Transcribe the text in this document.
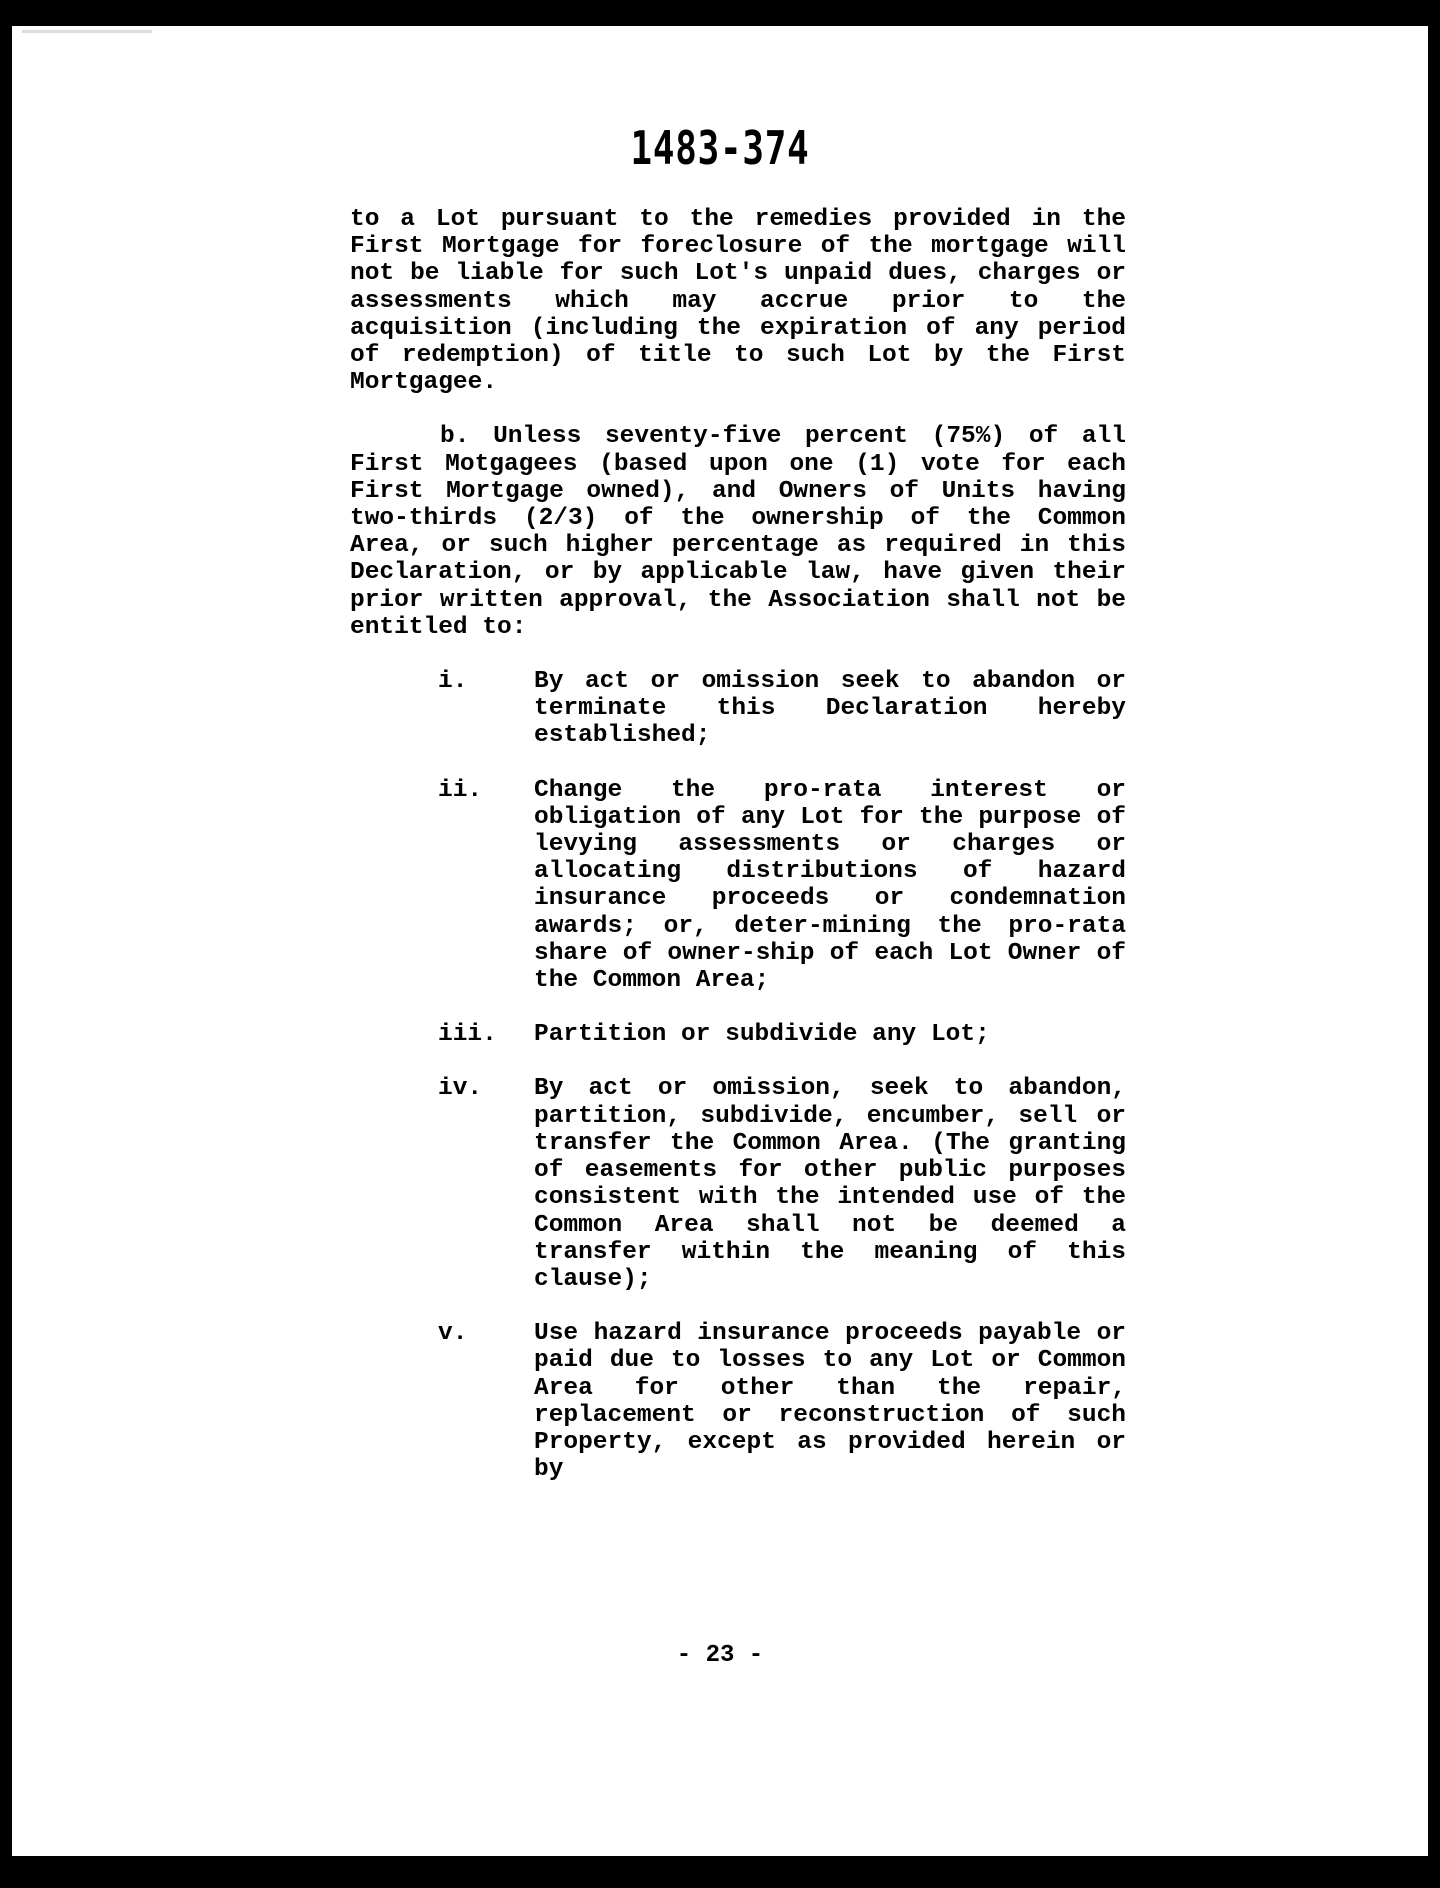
1483-374

to a Lot pursuant to the remedies provided in the First Mortgage for foreclosure of the mortgage will not be liable for such Lot's unpaid dues, charges or assessments which may accrue prior to the acquisition (including the expiration of any period of redemption) of title to such Lot by the First Mortgagee.

b. Unless seventy-five percent (75%) of all First Motgagees (based upon one (1) vote for each First Mortgage owned), and Owners of Units having two-thirds (2/3) of the ownership of the Common Area, or such higher percentage as required in this Declaration, or by applicable law, have given their prior written approval, the Association shall not be entitled to:

i.	By act or omission seek to abandon or terminate this Declaration hereby established;
ii. Change the pro-rata interest or obligation of any Lot for the purpose of levying assessments or charges or allocating distributions of hazard insurance proceeds or condemnation awards; or, deter-mining the pro-rata share of owner-ship of each Lot Owner of the Common Area;
iii. Partition or subdivide any Lot;
iv. By act or omission, seek to abandon, partition, subdivide, encumber, sell or transfer the Common Area. (The granting of easements for other public purposes consistent with the intended use of the Common Area shall not be deemed a transfer within the meaning of this clause);
v.	Use hazard insurance proceeds payable or paid due to losses to any Lot or Common Area for other than the repair, replacement or reconstruction of such Property, except as provided herein or by
- 23 -
